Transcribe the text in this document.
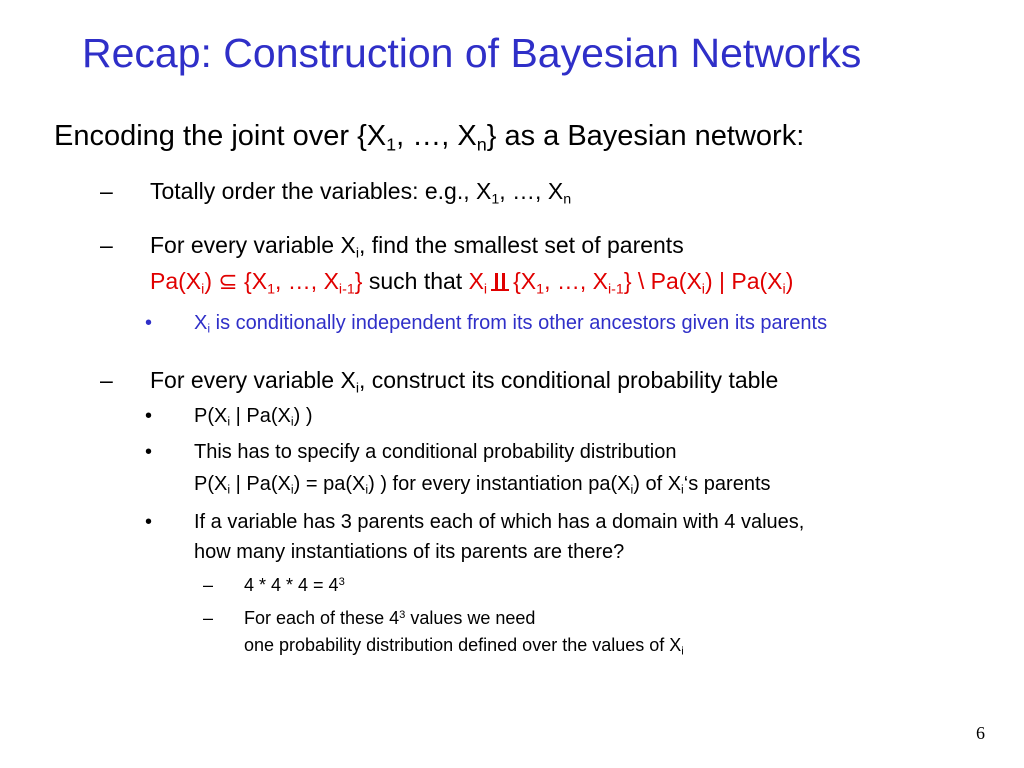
Recap: Construction of Bayesian Networks
Encoding the joint over {$X_1$, …, $X_n$} as a Bayesian network:
– Totally order the variables: e.g., $X_1$, …, $X_n$
– For every variable $X_i$, find the smallest set of parents
$Pa(X_i)$ ⊆ {$X_1$, …, $X_{i-1}$} such that $X_i$ {$X_1$, …, $X_{i-1}$} \ $Pa(X_i)$ | $Pa(X_i)$
• $X_i$ is conditionally independent from its other ancestors given its parents
– For every variable $X_i$, construct its conditional probability table
• $P(X_i$ | $Pa(X_i)$ )
• This has to specify a conditional probability distribution
$P(X_i$ | $Pa(X_i) = pa(X_i)$ ) for every instantiation $pa(X_i)$ of $X_i‘s$ parents
• If a variable has 3 parents each of which has a domain with 4 values,
how many instantiations of its parents are there?
– $4 * 4 * 4 = 4^3$
– For each of these $4^3$ values we need
one probability distribution defined over the values of $X_i$
6
